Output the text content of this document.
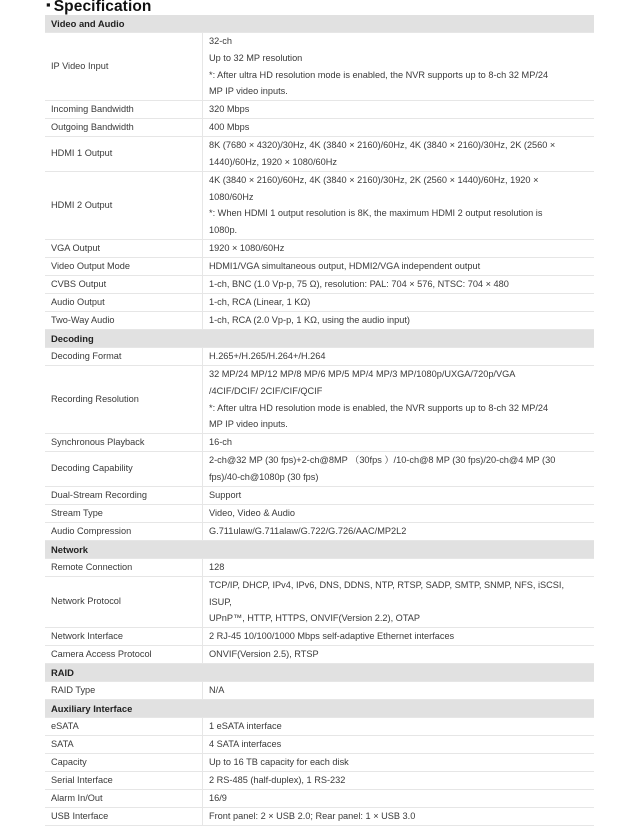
▪ Specification
Video and Audio	
IP Video Input	32-ch
Up to 32 MP resolution
*: After ultra HD resolution mode is enabled, the NVR supports up to 8-ch 32 MP/24
MP IP video inputs.

Incoming Bandwidth	320 Mbps

Outgoing Bandwidth	400 Mbps

HDMI 1 Output	8K (7680 × 4320)/30Hz, 4K (3840 × 2160)/60Hz, 4K (3840 × 2160)/30Hz, 2K (2560 ×
1440)/60Hz, 1920 × 1080/60Hz

HDMI 2 Output	4K (3840 × 2160)/60Hz, 4K (3840 × 2160)/30Hz, 2K (2560 × 1440)/60Hz, 1920 ×
1080/60Hz
*: When HDMI 1 output resolution is 8K, the maximum HDMI 2 output resolution is
1080p.

VGA Output	1920 × 1080/60Hz

Video Output Mode	HDMI1/VGA simultaneous output, HDMI2/VGA independent output

CVBS Output	1-ch, BNC (1.0 Vp-p, 75 Ω), resolution: PAL: 704 × 576, NTSC: 704 × 480

Audio Output	1-ch, RCA (Linear, 1 KΩ)

Two-Way Audio	1-ch, RCA (2.0 Vp-p, 1 KΩ, using the audio input)

Decoding	
Decoding Format	H.265+/H.265/H.264+/H.264

Recording Resolution	32 MP/24 MP/12 MP/8 MP/6 MP/5 MP/4 MP/3 MP/1080p/UXGA/720p/VGA
/4CIF/DCIF/ 2CIF/CIF/QCIF
*: After ultra HD resolution mode is enabled, the NVR supports up to 8-ch 32 MP/24
MP IP video inputs.

Synchronous Playback	16-ch

Decoding Capability	2-ch@32 MP (30 fps)+2-ch@8MP （30fps ）/10-ch@8 MP (30 fps)/20-ch@4 MP (30
fps)/40-ch@1080p (30 fps)

Dual-Stream Recording	Support

Stream Type	Video, Video & Audio

Audio Compression	G.711ulaw/G.711alaw/G.722/G.726/AAC/MP2L2

Network	
Remote Connection	128

Network Protocol	TCP/IP, DHCP, IPv4, IPv6, DNS, DDNS, NTP, RTSP, SADP, SMTP, SNMP, NFS, iSCSI, ISUP,
UPnP™, HTTP, HTTPS, ONVIF(Version 2.2), OTAP

Network Interface	2 RJ-45 10/100/1000 Mbps self-adaptive Ethernet interfaces

Camera Access Protocol	ONVIF(Version 2.5), RTSP

RAID	
RAID Type	N/A

Auxiliary Interface	
eSATA	1 eSATA interface

SATA	4 SATA interfaces

Capacity	Up to 16 TB capacity for each disk

Serial Interface	2 RS-485 (half-duplex), 1 RS-232

Alarm In/Out	16/9

USB Interface	Front panel: 2 × USB 2.0; Rear panel: 1 × USB 3.0
